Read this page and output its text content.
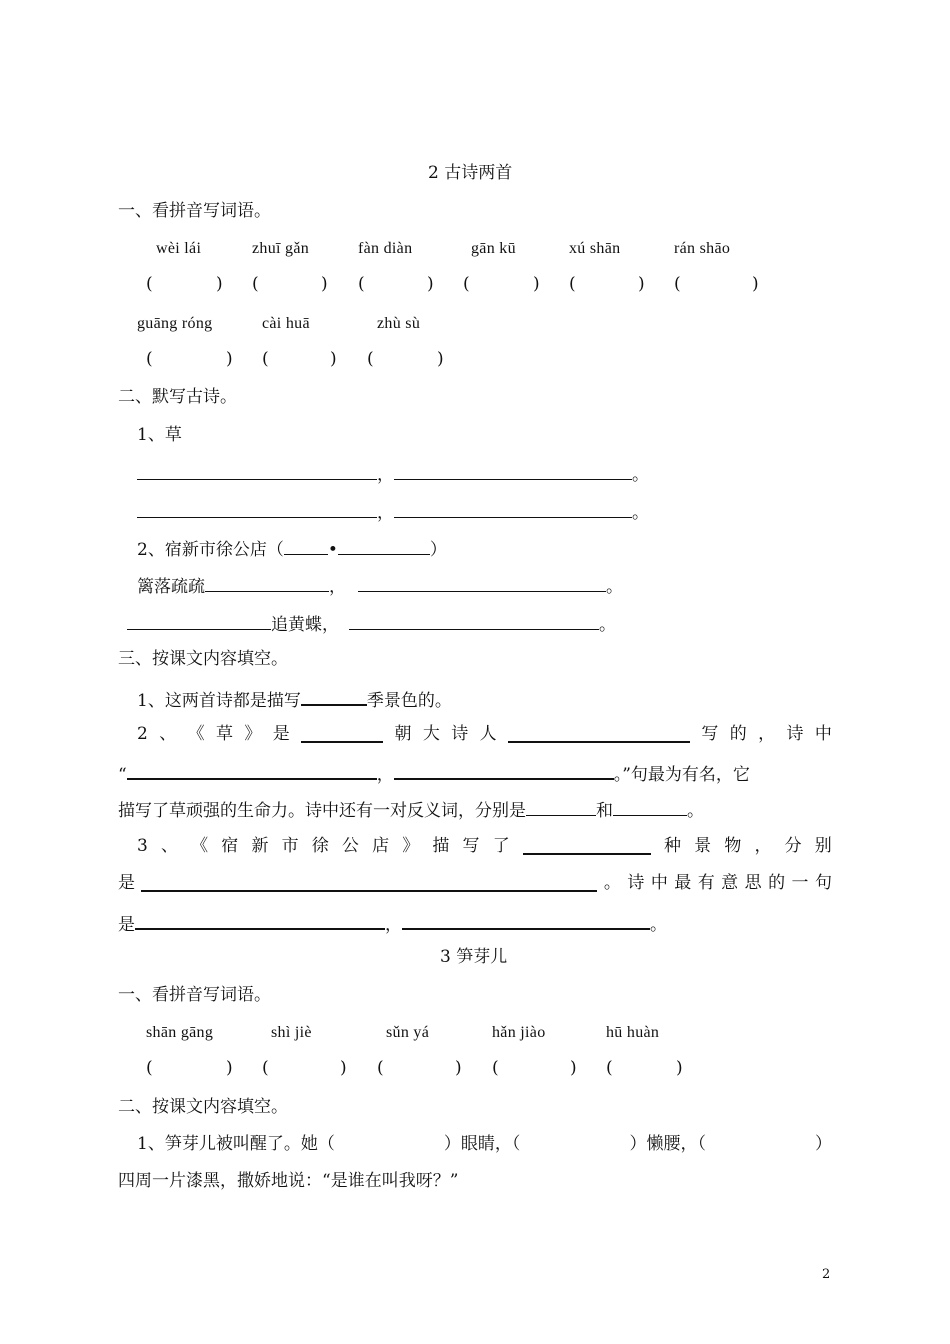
2 古诗两首
一、看拼音写词语。
wèi lái	zhuī gǎn	fàn diàn	gān kū	xú shān	rán shāo
(	) (	) (	) (	) (	) (	)
guāng róng	cài huā	zhù sù
(	) (	) (	)
二、默写古诗。
1、草
，	。
，	。
2、宿新市徐公店（	•	）
篱落疏疏	，	。
追黄蝶，	。
三、按课文内容填空。
1、这两首诗都是描写	季景色的。
2 、 《 草 》 是	朝 大 诗 人	写 的 ， 诗 中
“	，	。”句最为有名，它
描写了草顽强的生命力。诗中还有一对反义词，分别是	和	。
3 、 《 宿 新 市 徐 公 店 》 描 写 了	种 景 物 ， 分 别
是	。 诗 中 最 有 意 思 的 一 句
是	，	。
3 笋芽儿
一、看拼音写词语。
shān gāng	shì jiè	sǔn yá	hǎn jiào	hū huàn
(	) (	) (	) (	) (	)
二、按课文内容填空。
1、笋芽儿被叫醒了。她（	）眼睛，（	）懒腰，（	）
四周一片漆黑，撒娇地说：“是谁在叫我呀？”
2
